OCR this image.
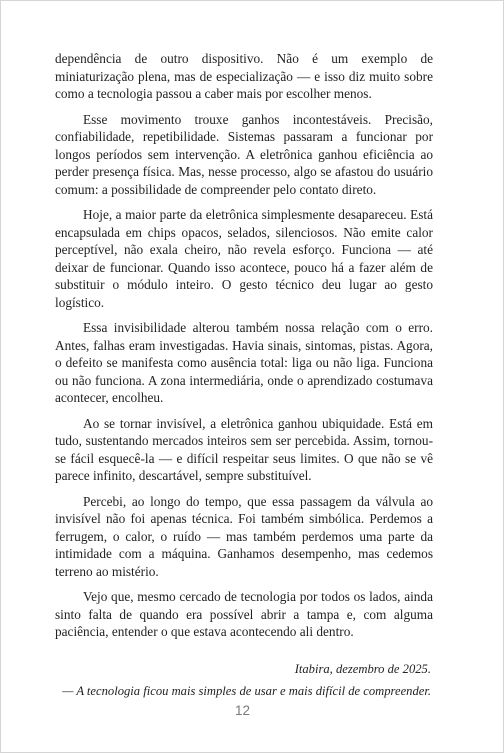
dependência de outro dispositivo. Não é um exemplo de miniaturização plena, mas de especialização — e isso diz muito sobre como a tecnologia passou a caber mais por escolher menos.

Esse movimento trouxe ganhos incontestáveis. Precisão, confiabilidade, repetibilidade. Sistemas passaram a funcionar por longos períodos sem intervenção. A eletrônica ganhou eficiência ao perder presença física. Mas, nesse processo, algo se afastou do usuário comum: a possibilidade de compreender pelo contato direto.

Hoje, a maior parte da eletrônica simplesmente desapareceu. Está encapsulada em chips opacos, selados, silenciosos. Não emite calor perceptível, não exala cheiro, não revela esforço. Funciona — até deixar de funcionar. Quando isso acontece, pouco há a fazer além de substituir o módulo inteiro. O gesto técnico deu lugar ao gesto logístico.

Essa invisibilidade alterou também nossa relação com o erro. Antes, falhas eram investigadas. Havia sinais, sintomas, pistas. Agora, o defeito se manifesta como ausência total: liga ou não liga. Funciona ou não funciona. A zona intermediária, onde o aprendizado costumava acontecer, encolheu.

Ao se tornar invisível, a eletrônica ganhou ubiquidade. Está em tudo, sustentando mercados inteiros sem ser percebida. Assim, tornou-se fácil esquecê-la — e difícil respeitar seus limites. O que não se vê parece infinito, descartável, sempre substituível.

Percebi, ao longo do tempo, que essa passagem da válvula ao invisível não foi apenas técnica. Foi também simbólica. Perdemos a ferrugem, o calor, o ruído — mas também perdemos uma parte da intimidade com a máquina. Ganhamos desempenho, mas cedemos terreno ao mistério.

Vejo que, mesmo cercado de tecnologia por todos os lados, ainda sinto falta de quando era possível abrir a tampa e, com alguma paciência, entender o que estava acontecendo ali dentro.

Itabira, dezembro de 2025.
— A tecnologia ficou mais simples de usar e mais difícil de compreender.
12
